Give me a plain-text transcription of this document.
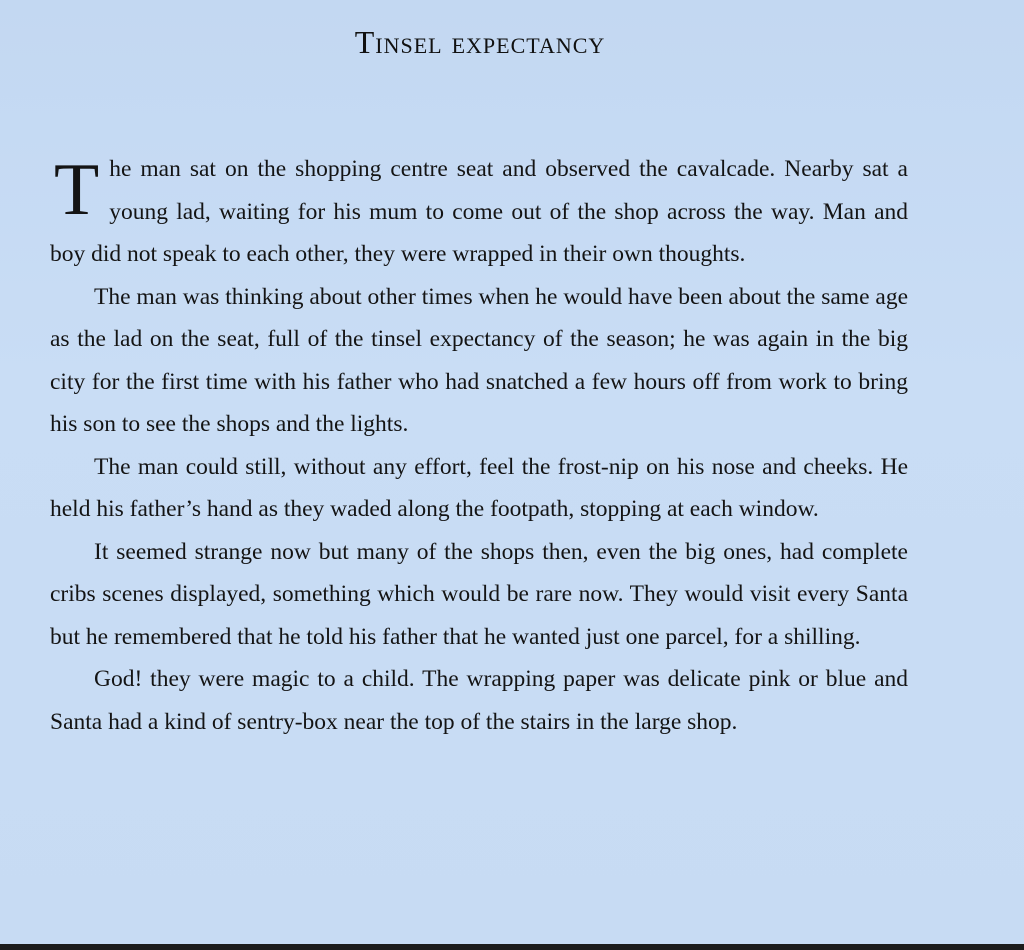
Tinsel expectancy

The man sat on the shopping centre seat and observed the cavalcade. Nearby sat a young lad, waiting for his mum to come out of the shop across the way. Man and boy did not speak to each other, they were wrapped in their own thoughts.

The man was thinking about other times when he would have been about the same age as the lad on the seat, full of the tinsel expectancy of the season; he was again in the big city for the first time with his father who had snatched a few hours off from work to bring his son to see the shops and the lights.

The man could still, without any effort, feel the frost-nip on his nose and cheeks. He held his father’s hand as they waded along the footpath, stopping at each window.

It seemed strange now but many of the shops then, even the big ones, had complete cribs scenes displayed, something which would be rare now. They would visit every Santa but he remembered that he told his father that he wanted just one parcel, for a shilling.

God! they were magic to a child. The wrapping paper was delicate pink or blue and Santa had a kind of sentry-box near the top of the stairs in the large shop.
